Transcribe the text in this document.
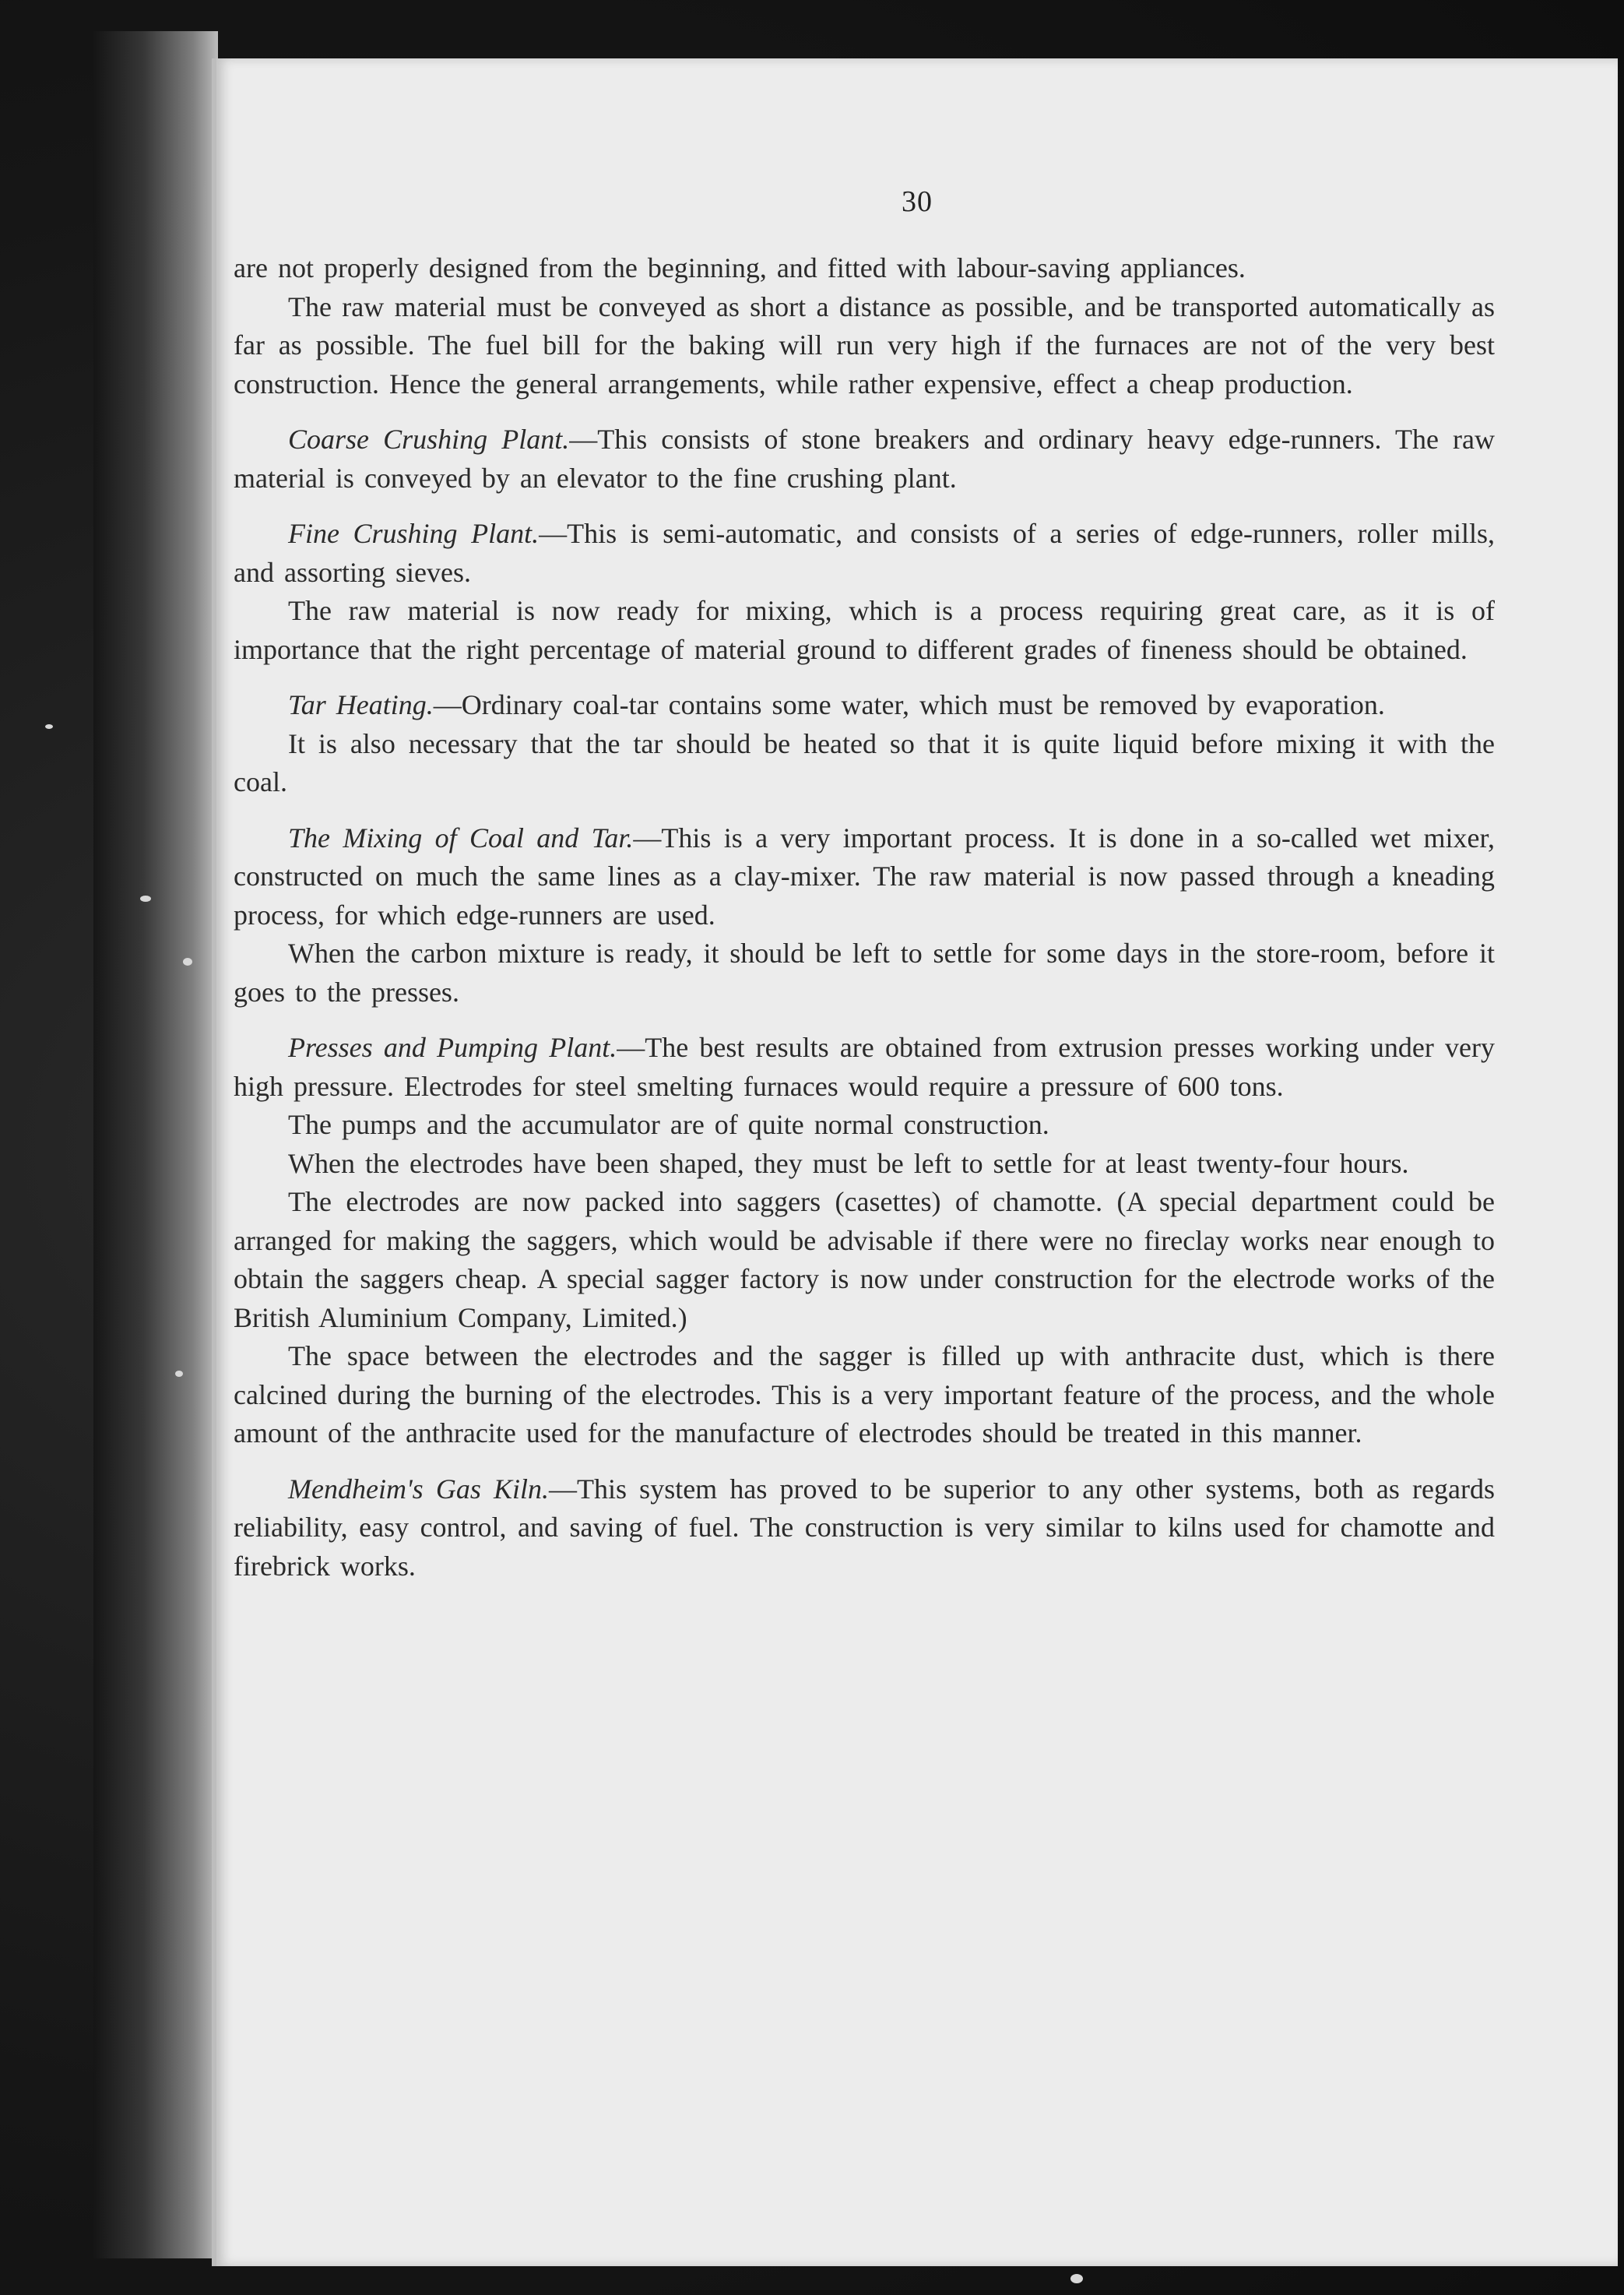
30

are not properly designed from the beginning, and fitted with labour-saving appliances.

The raw material must be conveyed as short a distance as possible, and be transported automatically as far as possible. The fuel bill for the baking will run very high if the furnaces are not of the very best construction. Hence the general arrangements, while rather expensive, effect a cheap production.

Coarse Crushing Plant.—This consists of stone breakers and ordinary heavy edge-runners. The raw material is conveyed by an elevator to the fine crushing plant.

Fine Crushing Plant.—This is semi-automatic, and consists of a series of edge-runners, roller mills, and assorting sieves.

The raw material is now ready for mixing, which is a process requiring great care, as it is of importance that the right percentage of material ground to different grades of fineness should be obtained.

Tar Heating.—Ordinary coal-tar contains some water, which must be removed by evaporation.

It is also necessary that the tar should be heated so that it is quite liquid before mixing it with the coal.

The Mixing of Coal and Tar.—This is a very important process. It is done in a so-called wet mixer, constructed on much the same lines as a clay-mixer. The raw material is now passed through a kneading process, for which edge-runners are used.

When the carbon mixture is ready, it should be left to settle for some days in the store-room, before it goes to the presses.

Presses and Pumping Plant.—The best results are obtained from extrusion presses working under very high pressure. Electrodes for steel smelting furnaces would require a pressure of 600 tons.

The pumps and the accumulator are of quite normal construction.

When the electrodes have been shaped, they must be left to settle for at least twenty-four hours.

The electrodes are now packed into saggers (casettes) of chamotte. (A special department could be arranged for making the saggers, which would be advisable if there were no fireclay works near enough to obtain the saggers cheap. A special sagger factory is now under construction for the electrode works of the British Aluminium Company, Limited.)

The space between the electrodes and the sagger is filled up with anthracite dust, which is there calcined during the burning of the electrodes. This is a very important feature of the process, and the whole amount of the anthracite used for the manufacture of electrodes should be treated in this manner.

Mendheim's Gas Kiln.—This system has proved to be superior to any other systems, both as regards reliability, easy control, and saving of fuel. The construction is very similar to kilns used for chamotte and firebrick works.
